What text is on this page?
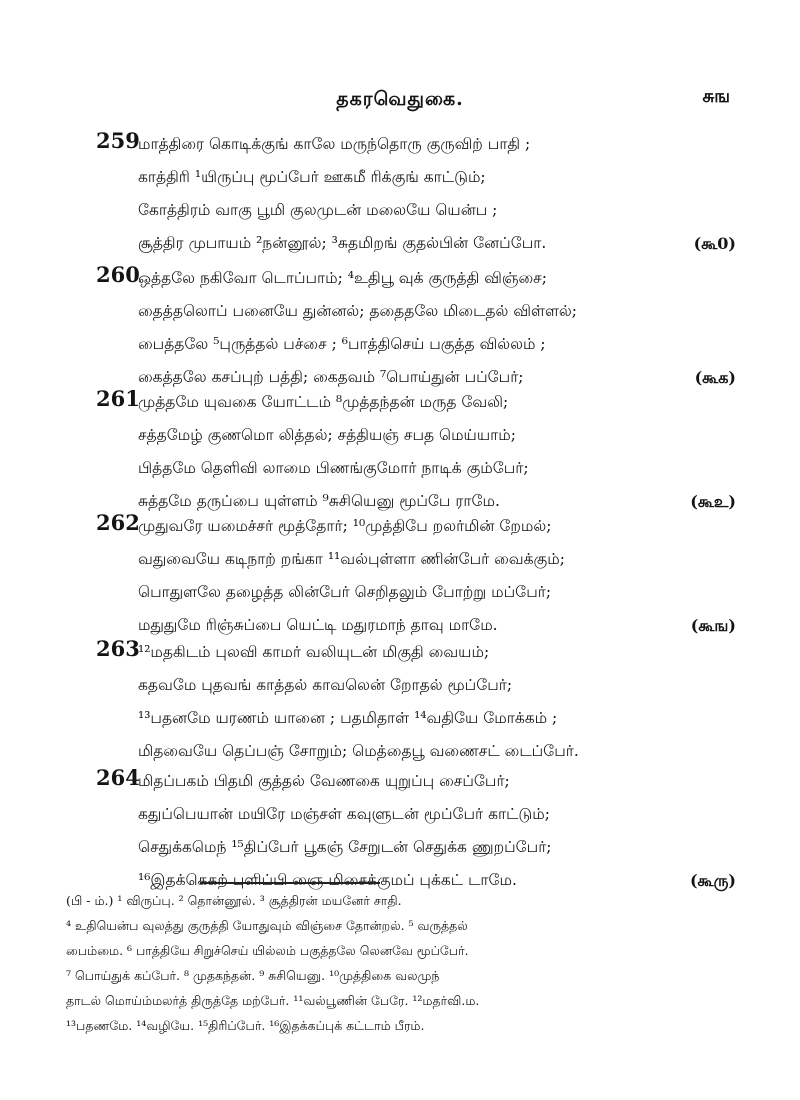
தகரவெதுகை.	சுங
259
மாத்திரை கொடிக்குங் காலே மருந்தொரு குருவிற் பாதி ;
காத்திரி ¹யிருப்பு மூப்பேர் ஊகமீ ரிக்குங் காட்டும்;
கோத்திரம் வாகு பூமி குலமுடன் மலையே யென்ப ;
சூத்திர முபாயம் ²நன்னூல்; ³சுதமிறங் குதல்பின் னேப்போ.	(கூ0)
260
ஒத்தலே நகிவோ டொப்பாம்; ⁴உதிபூ வுக் குருத்தி விஞ்சை;
தைத்தலொப் பனையே துன்னல்; ததைதலே மிடைதல் விள்ளல்;
பைத்தலே ⁵புருத்தல் பச்சை ; ⁶பாத்திசெய் பகுத்த வில்லம் ;
கைத்தலே கசப்புற் பத்தி; கைதவம் ⁷பொய்துன் பப்பேர்;	(கூக)
261
முத்தமே யுவகை யோட்டம் ⁸முத்தந்தன் மருத வேலி;
சத்தமேழ் குணமொ லித்தல்; சத்தியஞ் சபத மெய்யாம்;
பித்தமே தெளிவி லாமை பிணங்குமோர் நாடிக் கும்பேர்;
சுத்தமே தருப்பை யுள்ளம் ⁹சுசியெனு மூப்பே ராமே.	(கூஉ)
262
முதுவரே யமைச்சர் மூத்தோர்; ¹⁰முத்திபே றலர்மின் றேமல்;
வதுவையே கடிநாற் றங்கா ¹¹வல்புள்ளா ணின்பேர் வைக்கும்;
பொதுளலே தழைத்த லின்பேர் செறிதலும் போற்று மப்பேர்;
மதுதுமே ரிஞ்சுப்பை யெட்டி மதுரமாந் தாவு மாமே.	(கூங)
263
¹²மதகிடம் புலவி காமர் வலியுடன் மிகுதி வையம்;
கதவமே புதவங் காத்தல் காவலென் றோதல் மூப்பேர்;
¹³பதனமே யரணம் யானை ; பதமிதாள் ¹⁴வதியே மோக்கம் ;
மிதவையே தெப்பஞ் சோறும்; மெத்தைபூ வணைசட் டைப்பேர்.
264
மிதப்பகம் பிதமி குத்தல் வேணகை யுறுப்பு சைப்பேர்;
கதுப்பெயான் மயிரே மஞ்சள் கவுளுடன் மூப்பேர் காட்டும்;
செதுக்கமெந் ¹⁵திப்பேர் பூகஞ் சேறுடன் செதுக்க ணுறப்பேர்;
¹⁶இதக்கெகற் புளிப்பி ஞை மிசைக்குமப் புக்கட் டாமே.	(கூரு)
(பி - ம்.) ¹ விருப்பு. ² தொன்னூல். ³ சூத்திரன் மயனேர் சாதி.
⁴ உதியென்ப வுலத்து குருத்தி யோதுவும் விஞ்சை தோன்றல். ⁵ வருத்தல்
பைம்மை. ⁶ பாத்தியே சிறுச்செய் யில்லம் பகுத்தலே லெனவே மூப்பேர்.
⁷ பொய்துக் கப்பேர். ⁸ முதகந்தன். ⁹ சுசியெனு. ¹⁰முத்திகை வலமுந்
தாடல் மொய்ம்மலர்த் திருத்தே மற்பேர். ¹¹வல்பூணின் பேரே. ¹²மதர்வி.ம.
¹³பதணமே. ¹⁴வழியே. ¹⁵திரிப்பேர். ¹⁶இதக்கப்புக் கட்டாம் பீரம்.
